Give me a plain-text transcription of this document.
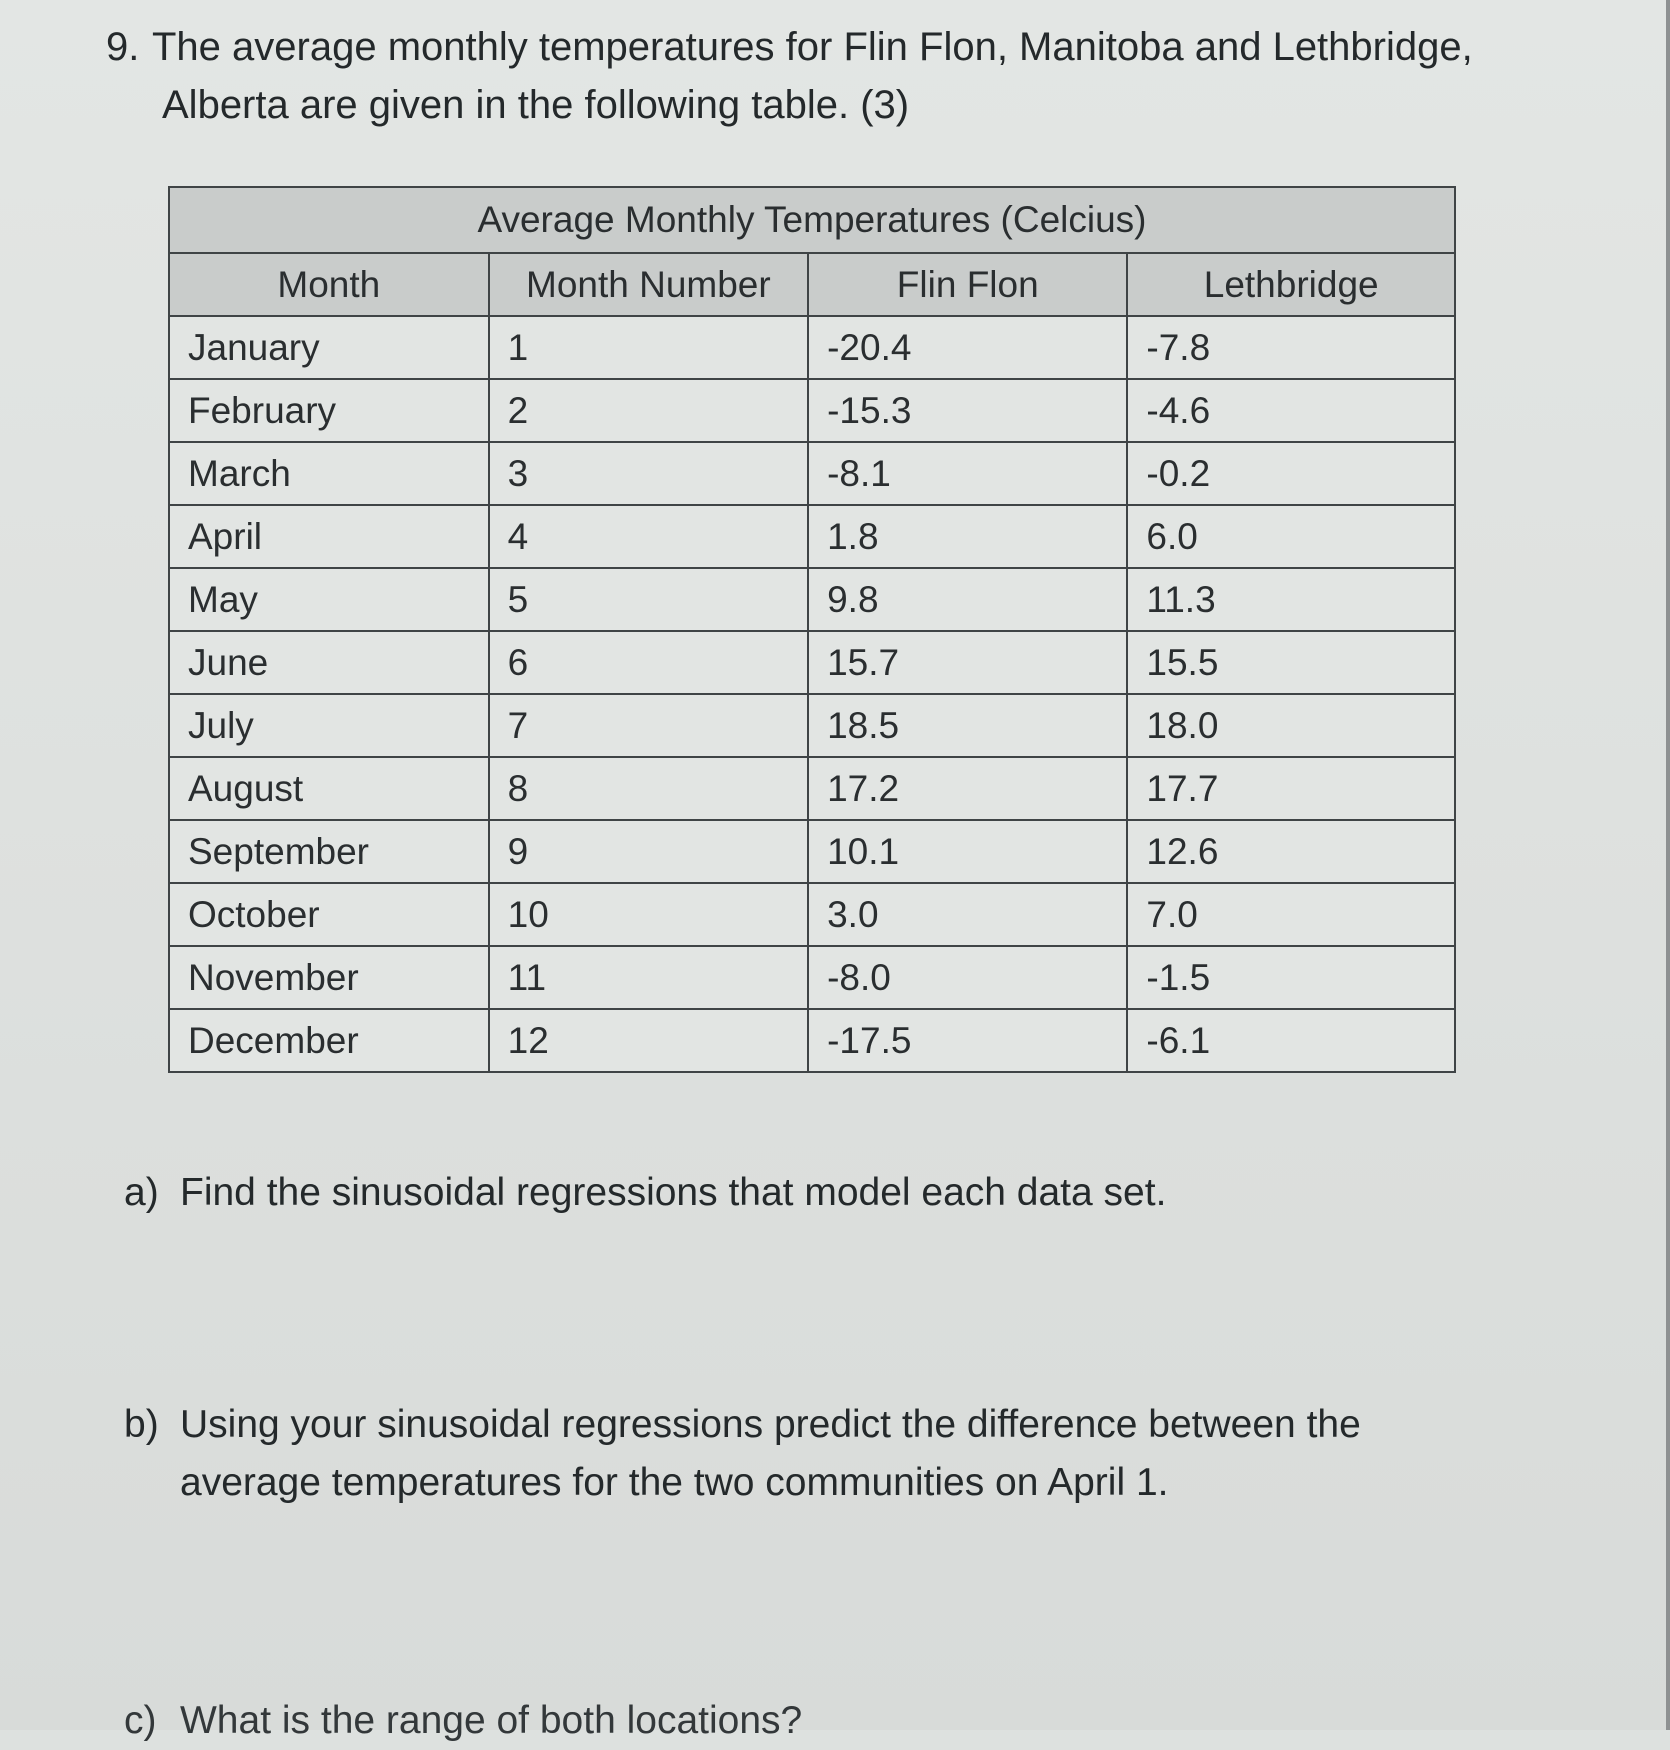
9. The average monthly temperatures for Flin Flon, Manitoba and Lethbridge,
Alberta are given in the following table. (3)
Average Monthly Temperatures (Celcius)			
Month	Month Number	Flin Flon	Lethbridge
January	1	-20.4	-7.8
February	2	-15.3	-4.6
March	3	-8.1	-0.2
April	4	1.8	6.0
May	5	9.8	11.3
June	6	15.7	15.5
July	7	18.5	18.0
August	8	17.2	17.7
September	9	10.1	12.6
October	10	3.0	7.0
November	11	-8.0	-1.5
December	12	-17.5	-6.1
a) Find the sinusoidal regressions that model each data set.
b) Using your sinusoidal regressions predict the difference between the average temperatures for the two communities on April 1.
c) What is the range of both locations?
